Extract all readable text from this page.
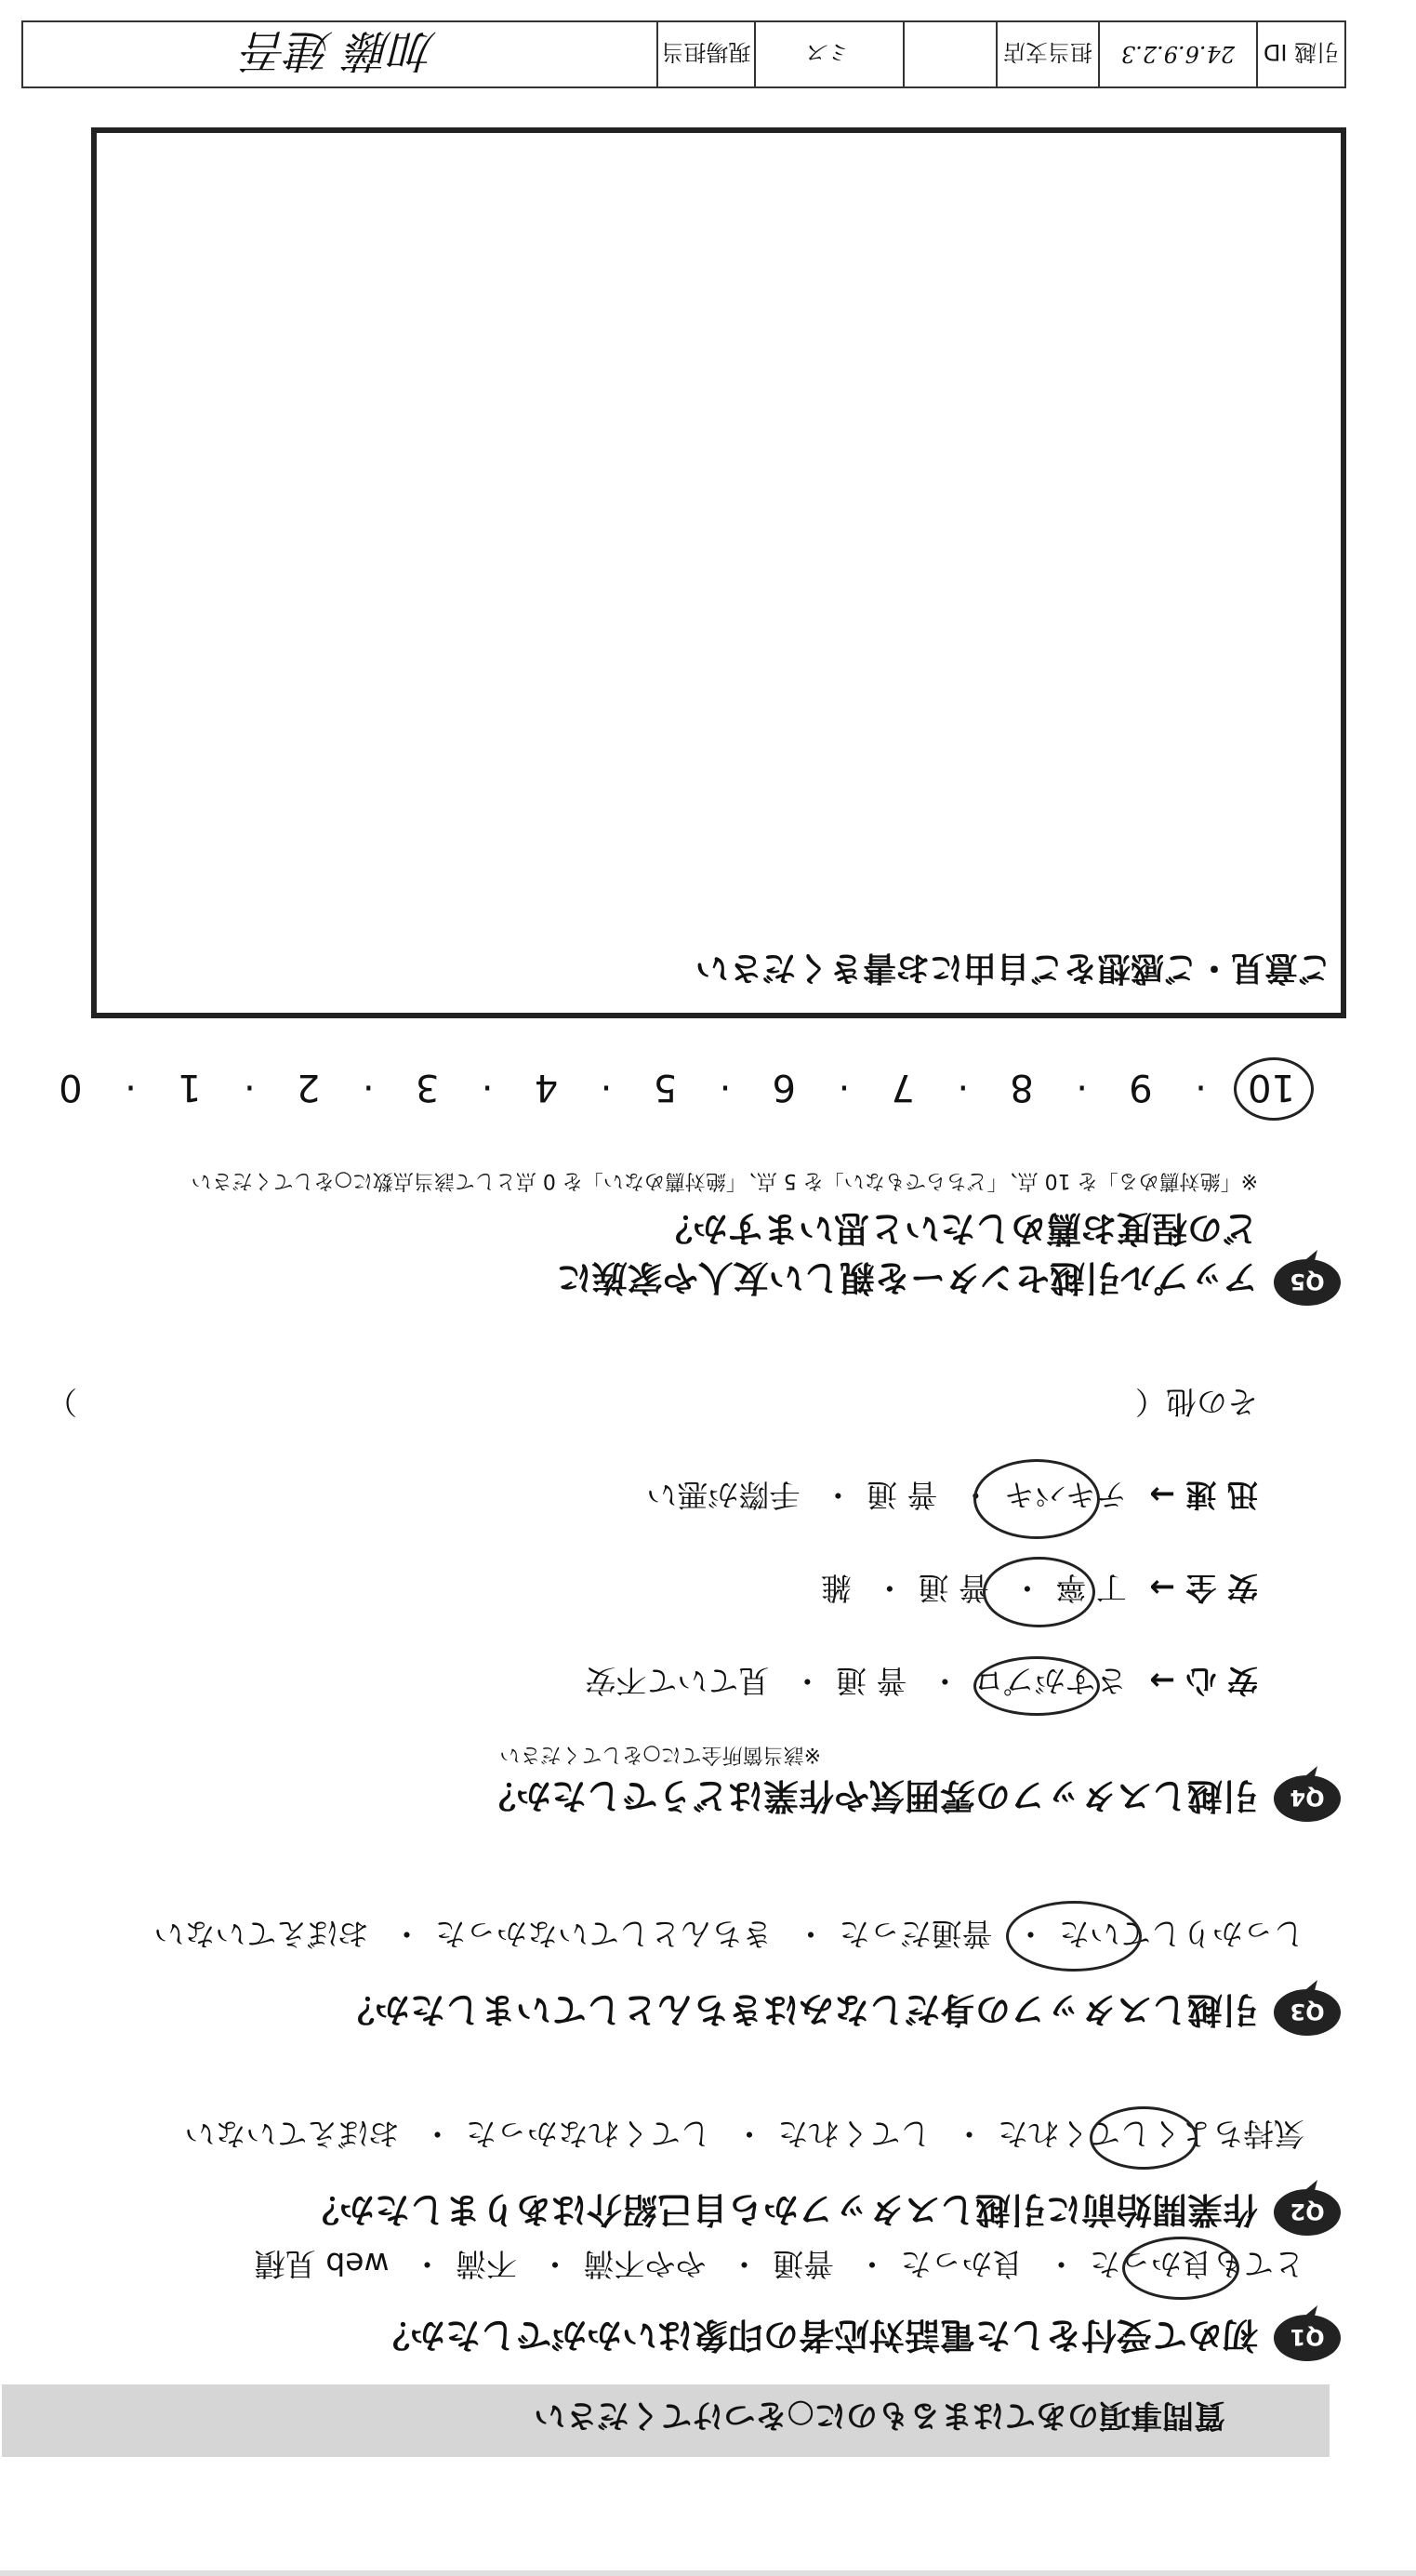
引越 ID
24.6.9.2.3
担当支店
ミス
現場担当
加藤 建吾
ご意見・ご感想をご自由にお書きください
Q5
アップル引越センターを親しい友人や家族に
どの程度お薦めしたいと思いますか？
※「絶対薦める」を 10 点、「どちらでもない」を 5 点、「絶対薦めない」を 0 点として該当点数に○をしてください
10
·
9
·
8
·
7
·
6
·
5
·
4
·
3
·
2
·
1
·
0
Q4
引越しスタッフの雰囲気や作業はどうでしたか？
※該当箇所全てに○をしてください
安 心 → さすがプロ・ 普 通・ 見ていて不安
安 全 → 丁 寧・ 普 通・ 雑
迅 速 → テキパキ・ 普 通・ 手際が悪い
その他（
）
Q3
引越しスタッフの身だしなみはきちんとしていましたか？
しっかりしていた・ 普通だった・ きちんとしていなかった・ おぼえていない
Q2
作業開始前に引越しスタッフから自己紹介はありましたか？
気持ちよくしてくれた・ してくれた・ してくれなかった・ おぼえていない
Q1
初めて受付をした電話対応者の印象はいかがでしたか？
とても良かった・ 良かった・ 普通・ やや不満・ 不満・ web 見積
質問事項のあてはまるものに○をつけてください
